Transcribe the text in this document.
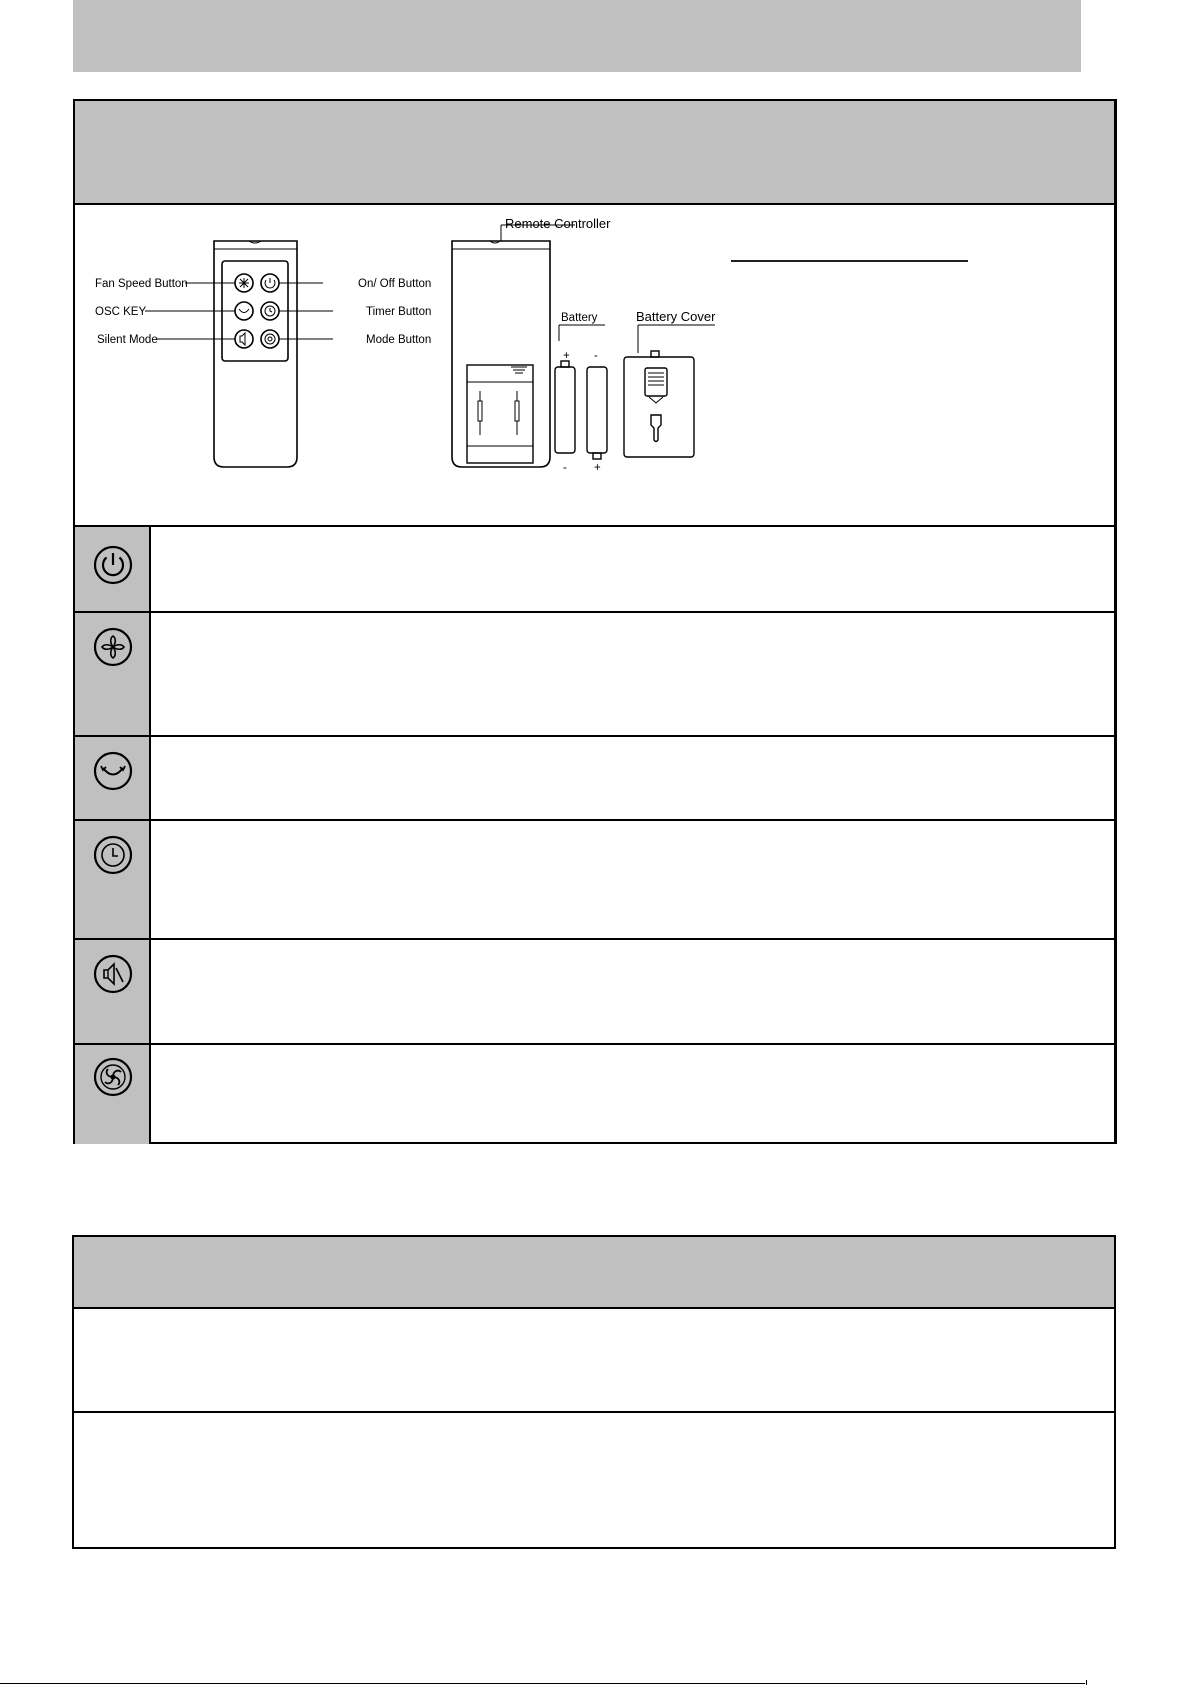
Fan Speed Button
OSC KEY
Silent Mode
On/ Off Button
Timer Button
Mode Button
Remote Controller
Battery
+ -
- +
Battery Cover
